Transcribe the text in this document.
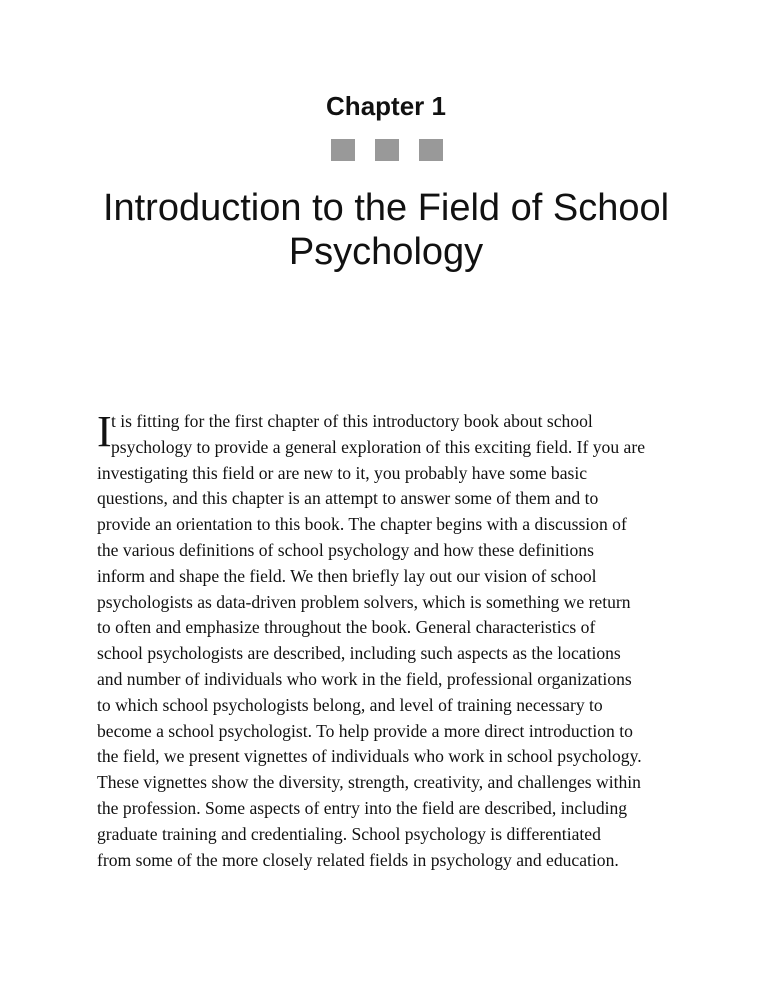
Chapter 1
Introduction to the Field of School Psychology
I t is fitting for the first chapter of this introductory book about school
psychology to provide a general exploration of this exciting field. If you are
investigating this field or are new to it, you probably have some basic
questions, and this chapter is an attempt to answer some of them and to
provide an orientation to this book. The chapter begins with a discussion of
the various definitions of school psychology and how these definitions
inform and shape the field. We then briefly lay out our vision of school
psychologists as data-driven problem solvers, which is something we return
to often and emphasize throughout the book. General characteristics of
school psychologists are described, including such aspects as the locations
and number of individuals who work in the field, professional organizations
to which school psychologists belong, and level of training necessary to
become a school psychologist. To help provide a more direct introduction to
the field, we present vignettes of individuals who work in school psychology.
These vignettes show the diversity, strength, creativity, and challenges within
the profession. Some aspects of entry into the field are described, including
graduate training and credentialing. School psychology is differentiated
from some of the more closely related fields in psychology and education.
